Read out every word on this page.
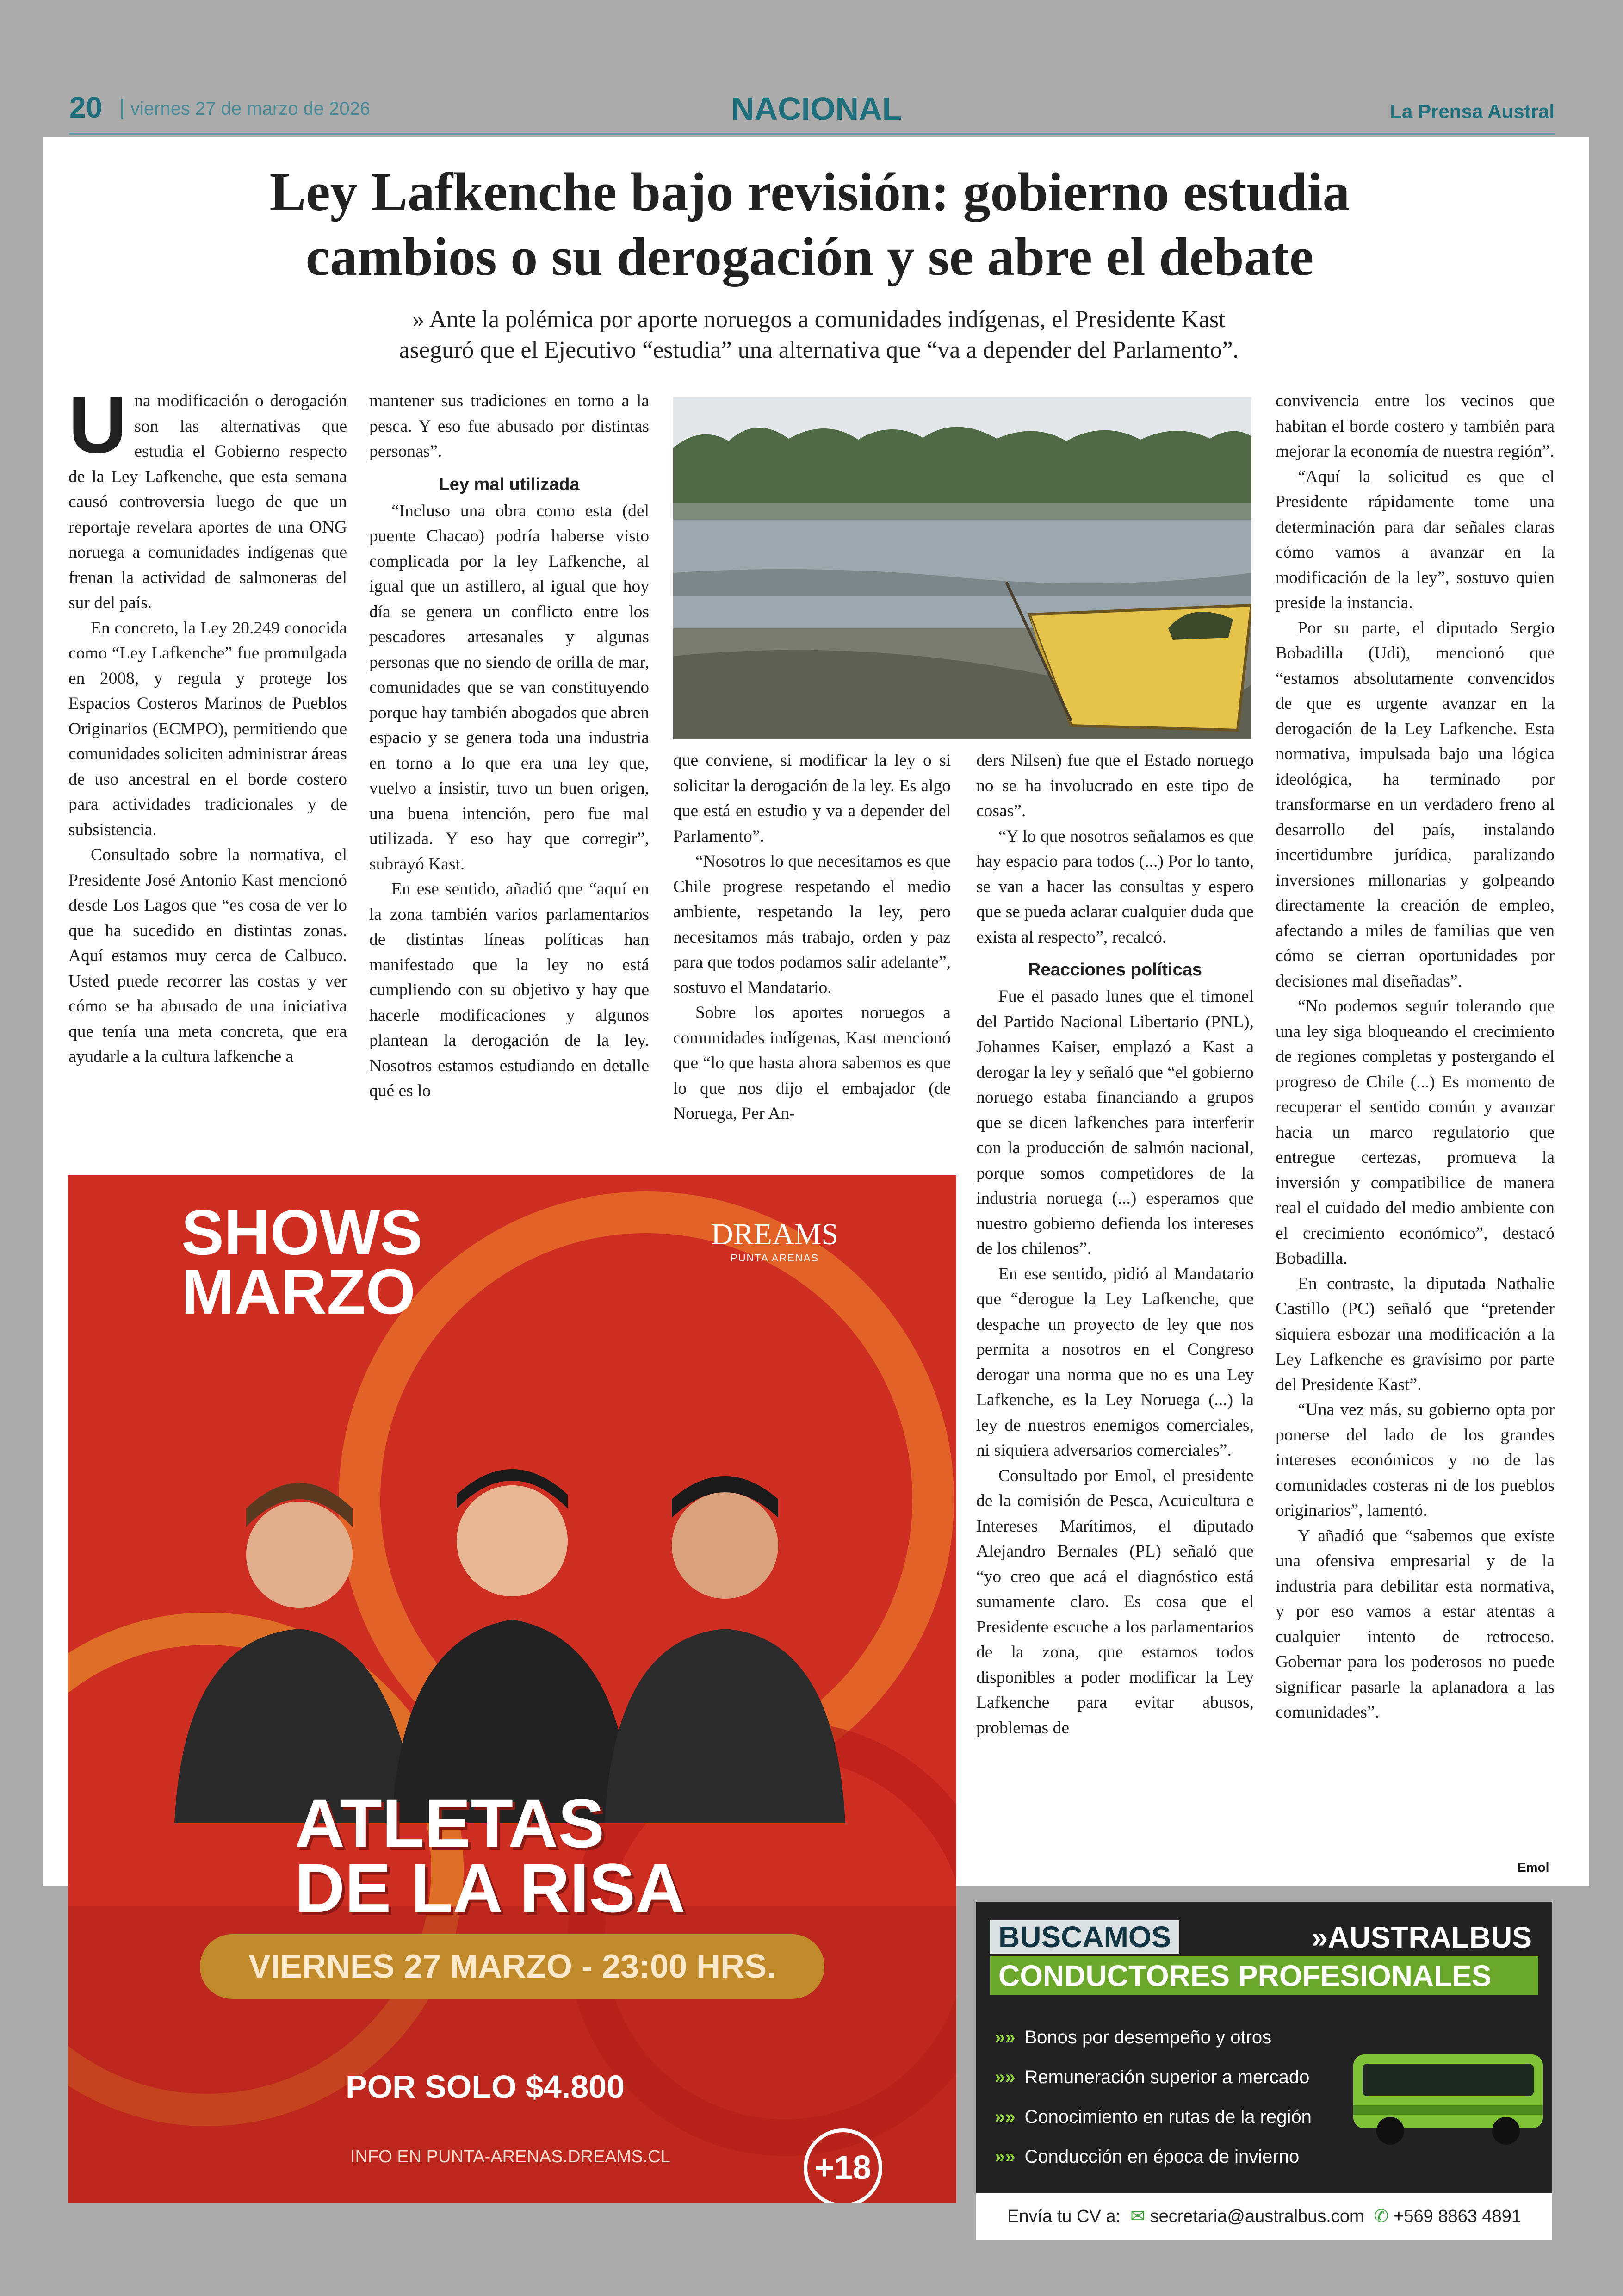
20	viernes 27 de marzo de 2026	NACIONAL	La Prensa Austral
Ley Lafkenche bajo revisión: gobierno estudia
cambios o su derogación y se abre el debate
» Ante la polémica por aporte noruegos a comunidades indígenas, el Presidente Kast
aseguró que el Ejecutivo “estudia” una alternativa que “va a depender del Parlamento”.

Una modificación o derogación son las alternativas que estudia el Gobierno respecto de la Ley Lafkenche, que esta semana causó controversia luego de que un reportaje revelara aportes de una ONG noruega a comunidades indígenas que frenan la actividad de salmoneras del sur del país.

En concreto, la Ley 20.249 conocida como “Ley Lafkenche” fue promulgada en 2008, y regula y protege los Espacios Costeros Marinos de Pueblos Originarios (ECMPO), permitiendo que comunidades soliciten administrar áreas de uso ancestral en el borde costero para actividades tradicionales y de subsistencia.

Consultado sobre la normativa, el Presidente José Antonio Kast mencionó desde Los Lagos que “es cosa de ver lo que ha sucedido en distintas zonas. Aquí estamos muy cerca de Calbuco. Usted puede recorrer las costas y ver cómo se ha abusado de una iniciativa que tenía una meta concreta, que era ayudarle a la cultura lafkenche a

mantener sus tradiciones en torno a la pesca. Y eso fue abusado por distintas personas”.

Ley mal utilizada

“Incluso una obra como esta (del puente Chacao) podría haberse visto complicada por la ley Lafkenche, al igual que un astillero, al igual que hoy día se genera un conflicto entre los pescadores artesanales y algunas personas que no siendo de orilla de mar, comunidades que se van constituyendo porque hay también abogados que abren espacio y se genera toda una industria en torno a lo que era una ley que, vuelvo a insistir, tuvo un buen origen, una buena intención, pero fue mal utilizada. Y eso hay que corregir”, subrayó Kast.

En ese sentido, añadió que “aquí en la zona también varios parlamentarios de distintas líneas políticas han manifestado que la ley no está cumpliendo con su objetivo y hay que hacerle modificaciones y algunos plantean la derogación de la ley. Nosotros estamos estudiando en detalle qué es lo

que conviene, si modificar la ley o si solicitar la derogación de la ley. Es algo que está en estudio y va a depender del Parlamento”.

“Nosotros lo que necesitamos es que Chile progrese respetando el medio ambiente, respetando la ley, pero necesitamos más trabajo, orden y paz para que todos podamos salir adelante”, sostuvo el Mandatario.

Sobre los aportes noruegos a comunidades indígenas, Kast mencionó que “lo que hasta ahora sabemos es que lo que nos dijo el embajador (de Noruega, Per An-

ders Nilsen) fue que el Estado noruego no se ha involucrado en este tipo de cosas”.

“Y lo que nosotros señalamos es que hay espacio para todos (...) Por lo tanto, se van a hacer las consultas y espero que se pueda aclarar cualquier duda que exista al respecto”, recalcó.

Reacciones políticas

Fue el pasado lunes que el timonel del Partido Nacional Libertario (PNL), Johannes Kaiser, emplazó a Kast a derogar la ley y señaló que “el gobierno noruego estaba financiando a grupos que se dicen lafkenches para interferir con la producción de salmón nacional, porque somos competidores de la industria noruega (...) esperamos que nuestro gobierno defienda los intereses de los chilenos”.

En ese sentido, pidió al Mandatario que “derogue la Ley Lafkenche, que despache un proyecto de ley que nos permita a nosotros en el Congreso derogar una norma que no es una Ley Lafkenche, es la Ley Noruega (...) la ley de nuestros enemigos comerciales, ni siquiera adversarios comerciales”.

Consultado por Emol, el presidente de la comisión de Pesca, Acuicultura e Intereses Marítimos, el diputado Alejandro Bernales (PL) señaló que “yo creo que acá el diagnóstico está sumamente claro. Es cosa que el Presidente escuche a los parlamentarios de la zona, que estamos todos disponibles a poder modificar la Ley Lafkenche para evitar abusos, problemas de

convivencia entre los vecinos que habitan el borde costero y también para mejorar la economía de nuestra región”.

“Aquí la solicitud es que el Presidente rápidamente tome una determinación para dar señales claras cómo vamos a avanzar en la modificación de la ley”, sostuvo quien preside la instancia.

Por su parte, el diputado Sergio Bobadilla (Udi), mencionó que “estamos absolutamente convencidos de que es urgente avanzar en la derogación de la Ley Lafkenche. Esta normativa, impulsada bajo una lógica ideológica, ha terminado por transformarse en un verdadero freno al desarrollo del país, instalando incertidumbre jurídica, paralizando inversiones millonarias y golpeando directamente la creación de empleo, afectando a miles de familias que ven cómo se cierran oportunidades por decisiones mal diseñadas”.

“No podemos seguir tolerando que una ley siga bloqueando el crecimiento de regiones completas y postergando el progreso de Chile (...) Es momento de recuperar el sentido común y avanzar hacia un marco regulatorio que entregue certezas, promueva la inversión y compatibilice de manera real el cuidado del medio ambiente con el crecimiento económico”, destacó Bobadilla.

En contraste, la diputada Nathalie Castillo (PC) señaló que “pretender siquiera esbozar una modificación a la Ley Lafkenche es gravísimo por parte del Presidente Kast”.

“Una vez más, su gobierno opta por ponerse del lado de los grandes intereses económicos y no de las comunidades costeras ni de los pueblos originarios”, lamentó.

Y añadió que “sabemos que existe una ofensiva empresarial y de la industria para debilitar esta normativa, y por eso vamos a estar atentas a cualquier intento de retroceso. Gobernar para los poderosos no puede significar pasarle la aplanadora a las comunidades”.

Emol
SHOWS
MARZO
DREAMS
PUNTA ARENAS
ATLETAS
DE LA RISA
VIERNES 27 MARZO - 23:00 HRS.
POR SOLO $4.800
INFO EN PUNTA-ARENAS.DREAMS.CL	+18
BUSCAMOS	»AUSTRALBUS
CONDUCTORES PROFESIONALES
»» Bonos por desempeño y otros
»» Remuneración superior a mercado
»» Conocimiento en rutas de la región
»» Conducción en época de invierno
Envía tu CV a: ✉ secretaria@australbus.com ✆ +569 8863 4891
